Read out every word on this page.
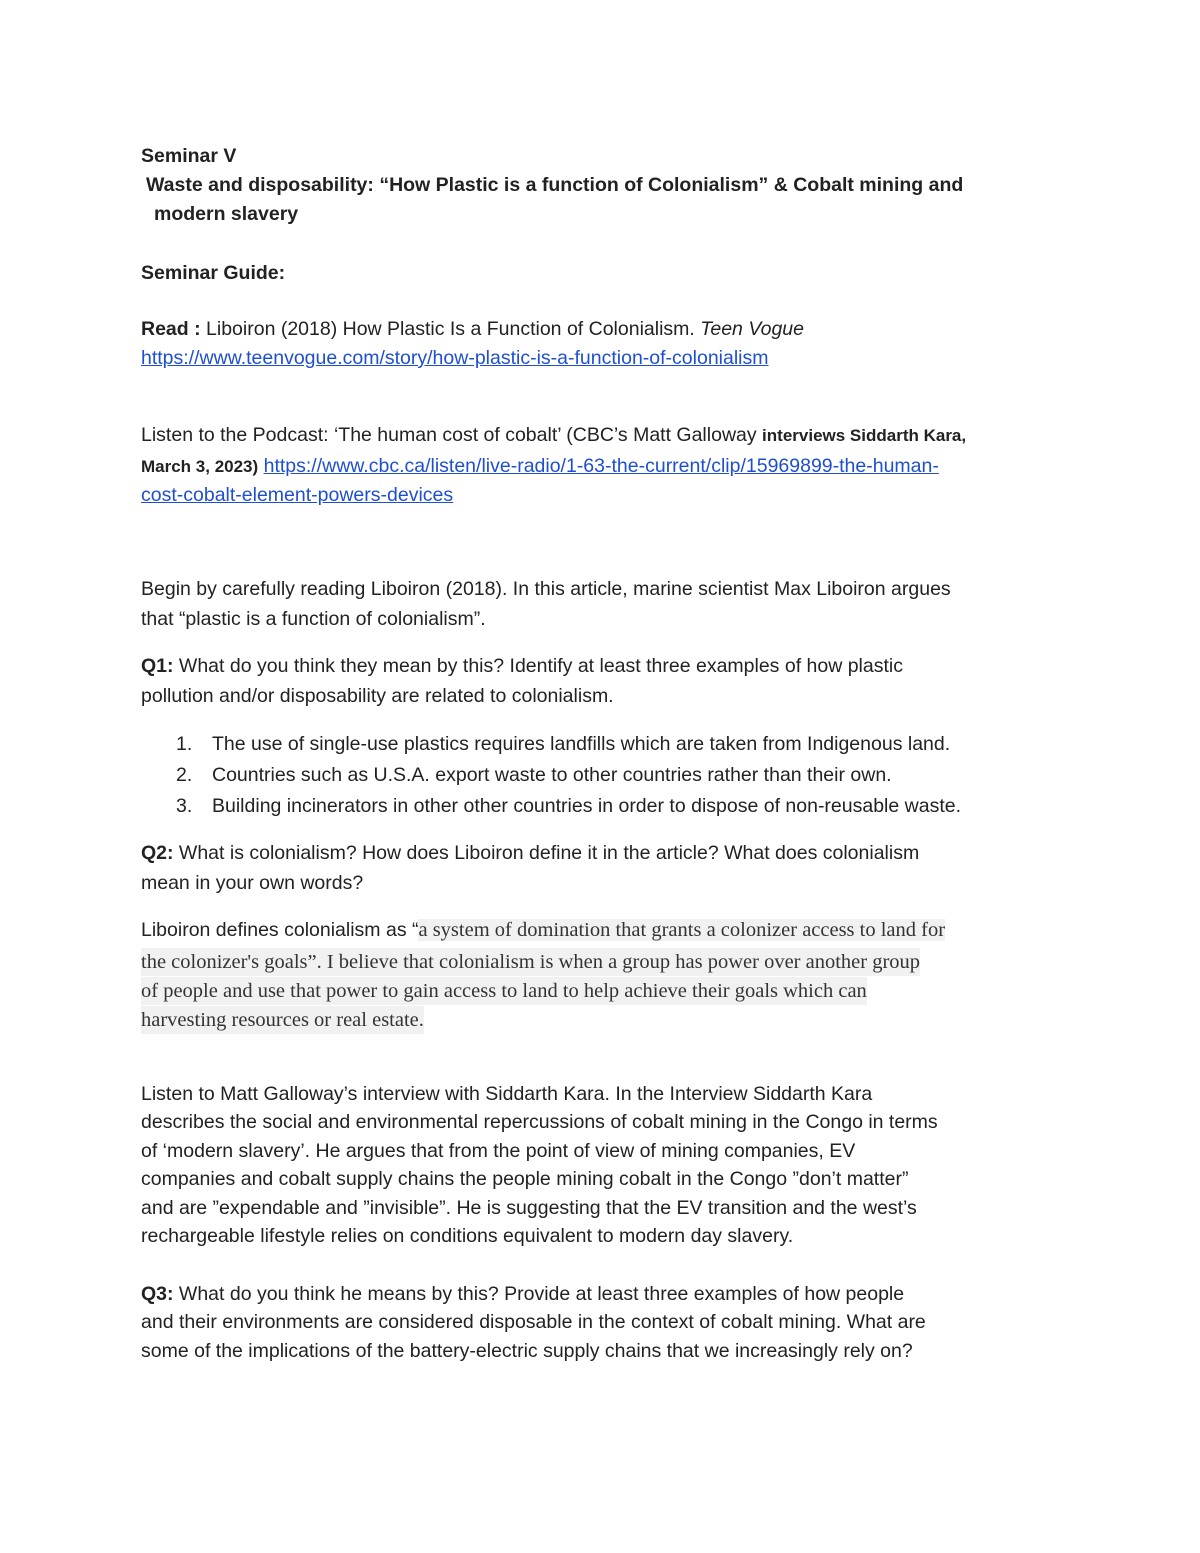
Seminar V
Waste and disposability: “How Plastic is a function of Colonialism” & Cobalt mining and
modern slavery
Seminar Guide:
Read : Liboiron (2018) How Plastic Is a Function of Colonialism. Teen Vogue
https://www.teenvogue.com/story/how-plastic-is-a-function-of-colonialism
Listen to the Podcast: ‘The human cost of cobalt’ (CBC’s Matt Galloway interviews Siddarth Kara,
March 3, 2023) https://www.cbc.ca/listen/live-radio/1-63-the-current/clip/15969899-the-human-
cost-cobalt-element-powers-devices
Begin by carefully reading Liboiron (2018). In this article, marine scientist Max Liboiron argues
that “plastic is a function of colonialism”.
Q1: What do you think they mean by this? Identify at least three examples of how plastic
pollution and/or disposability are related to colonialism.
1. The use of single-use plastics requires landfills which are taken from Indigenous land.
2. Countries such as U.S.A. export waste to other countries rather than their own.
3. Building incinerators in other other countries in order to dispose of non-reusable waste.
Q2: What is colonialism? How does Liboiron define it in the article? What does colonialism
mean in your own words?
Liboiron defines colonialism as “a system of domination that grants a colonizer access to land for
the colonizer's goals”. I believe that colonialism is when a group has power over another group
of people and use that power to gain access to land to help achieve their goals which can
harvesting resources or real estate.
Listen to Matt Galloway’s interview with Siddarth Kara. In the Interview Siddarth Kara
describes the social and environmental repercussions of cobalt mining in the Congo in terms
of ‘modern slavery’. He argues that from the point of view of mining companies, EV
companies and cobalt supply chains the people mining cobalt in the Congo ”don’t matter”
and are ”expendable and ”invisible”. He is suggesting that the EV transition and the west’s
rechargeable lifestyle relies on conditions equivalent to modern day slavery.
Q3: What do you think he means by this? Provide at least three examples of how people
and their environments are considered disposable in the context of cobalt mining. What are
some of the implications of the battery-electric supply chains that we increasingly rely on?
